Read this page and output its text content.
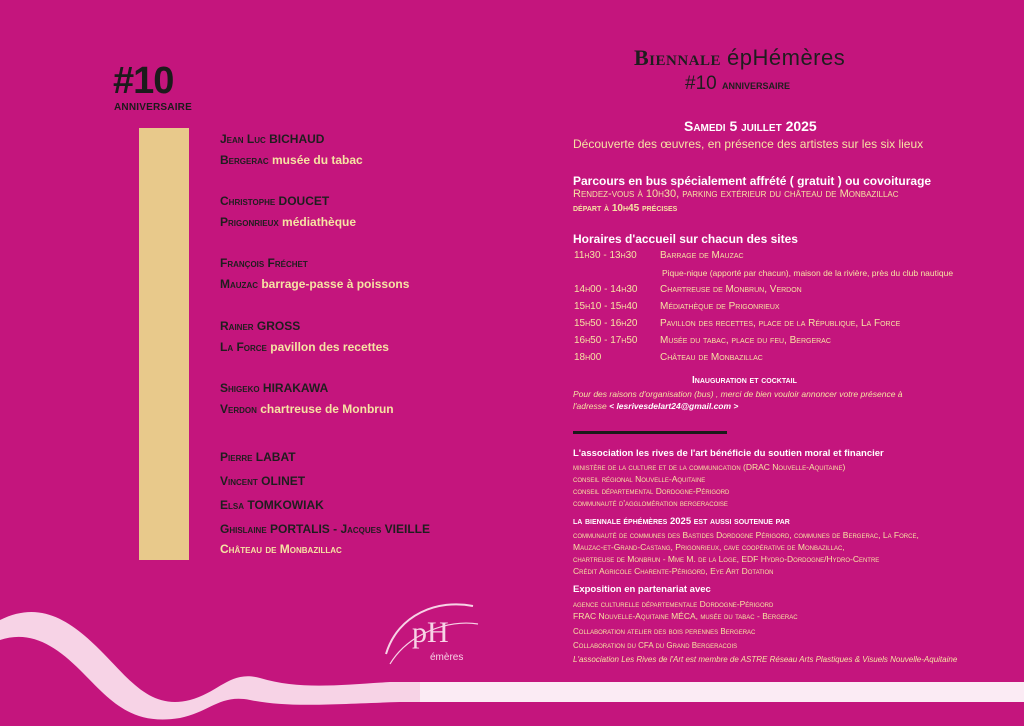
#10
ANNIVERSAIRE
Jean Luc BICHAUD
Bergerac musée du tabac
Christophe DOUCET
Prigonrieux médiathèque
François Fréchet
Mauzac barrage-passe à poissons
Rainer GROSS
La Force pavillon des recettes
Shigeko HIRAKAWA
Verdon chartreuse de Monbrun
Pierre LABAT
Vincent OLINET
Elsa TOMKOWIAK
Ghislaine PORTALIS - Jacques VIEILLE
Château de Monbazillac
Biennale épHémères
#10 anniversaire
Samedi 5 juillet 2025
Découverte des œuvres, en présence des artistes sur les six lieux
Parcours en bus spécialement affrété ( gratuit ) ou covoiturage
Rendez-vous à 10h30, parking extérieur du château de Monbazillac
départ à 10h45 précises
Horaires d'accueil sur chacun des sites
11h30 - 13h30 Barrage de Mauzac
Pique-nique (apporté par chacun), maison de la rivière, près du club nautique
14h00 - 14h30 Chartreuse de Monbrun, Verdon
15h10 - 15h40 Médiathèque de Prigonrieux
15h50 - 16h20 Pavillon des recettes, place de la République, La Force
16h50 - 17h50 Musée du tabac, place du feu, Bergerac
18h00	Château de Monbazillac
Inauguration et cocktail
Pour des raisons d'organisation (bus) , merci de bien vouloir annoncer votre présence à
l'adresse < lesrivesdelart24@gmail.com >
L'association les rives de l'art bénéficie du soutien moral et financier
ministère de la culture et de la communication (DRAC Nouvelle-Aquitaine)
conseil régional Nouvelle-Aquitaine
conseil départemental Dordogne-Périgord
communauté d'agglomération bergeracoise
la biennale éphémères 2025 est aussi soutenue par
communauté de communes des Bastides Dordogne Périgord, communes de Bergerac, La Force,
Mauzac-et-Grand-Castang, Prigonrieux, cave coopérative de Monbazillac,
chartreuse de Monbrun - Mme M. de la Loge, EDF Hydro-Dordogne/Hydro-Centre
Crédit Agricole Charente-Périgord, Eye Art Dotation
Exposition en partenariat avec
agence culturelle départementale Dordogne-Périgord
FRAC Nouvelle-Aquitaine MÉCA, musée du tabac - Bergerac
Collaboration atelier des bois perennes Bergerac
Collaboration du CFA du Grand Bergeracois
L'association Les Rives de l'Art est membre de ASTRE Réseau Arts Plastiques & Visuels Nouvelle-Aquitaine
pH
émères
